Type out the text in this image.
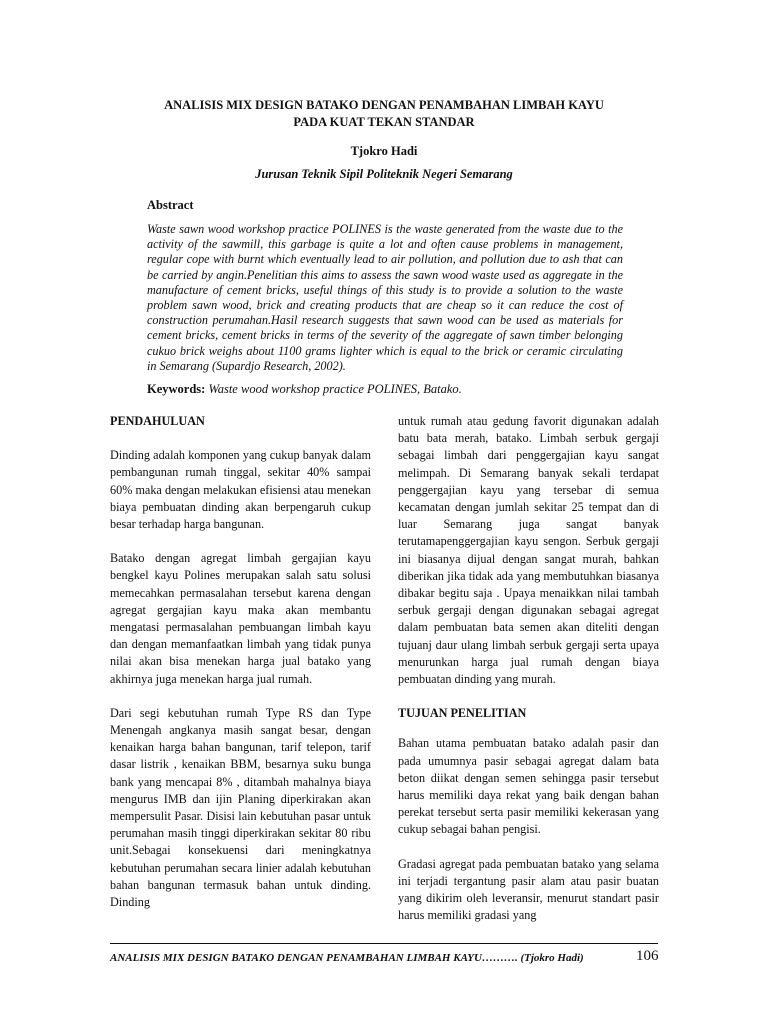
ANALISIS MIX DESIGN BATAKO DENGAN PENAMBAHAN LIMBAH KAYU
PADA KUAT TEKAN STANDAR
Tjokro Hadi
Jurusan Teknik Sipil Politeknik Negeri Semarang
Abstract

Waste sawn wood workshop practice POLINES is the waste generated from the waste due to the activity of the sawmill, this garbage is quite a lot and often cause problems in management, regular cope with burnt which eventually lead to air pollution, and pollution due to ash that can be carried by angin.Penelitian this aims to assess the sawn wood waste used as aggregate in the manufacture of cement bricks, useful things of this study is to provide a solution to the waste problem sawn wood, brick and creating products that are cheap so it can reduce the cost of construction perumahan.Hasil research suggests that sawn wood can be used as materials for cement bricks, cement bricks in terms of the severity of the aggregate of sawn timber belonging cukuo brick weighs about 1100 grams lighter which is equal to the brick or ceramic circulating in Semarang (Supardjo Research, 2002).

Keywords: Waste wood workshop practice POLINES, Batako.
PENDAHULUAN

Dinding adalah komponen yang cukup banyak dalam pembangunan rumah tinggal, sekitar 40% sampai 60% maka dengan melakukan efisiensi atau menekan biaya pembuatan dinding akan berpengaruh cukup besar terhadap harga bangunan.

Batako dengan agregat limbah gergajian kayu bengkel kayu Polines merupakan salah satu solusi memecahkan permasalahan tersebut karena dengan agregat gergajian kayu maka akan membantu mengatasi permasalahan pembuangan limbah kayu dan dengan memanfaatkan limbah yang tidak punya nilai akan bisa menekan harga jual batako yang akhirnya juga menekan harga jual rumah.

Dari segi kebutuhan rumah Type RS dan Type Menengah angkanya masih sangat besar, dengan kenaikan harga bahan bangunan, tarif telepon, tarif dasar listrik , kenaikan BBM, besarnya suku bunga bank yang mencapai 8% , ditambah mahalnya biaya mengurus IMB dan ijin Planing diperkirakan akan mempersulit Pasar. Disisi lain kebutuhan pasar untuk perumahan masih tinggi diperkirakan sekitar 80 ribu unit.Sebagai konsekuensi dari meningkatnya kebutuhan perumahan secara linier adalah kebutuhan bahan bangunan termasuk bahan untuk dinding. Dinding

untuk rumah atau gedung favorit digunakan adalah batu bata merah, batako. Limbah serbuk gergaji sebagai limbah dari penggergajian kayu sangat melimpah. Di Semarang banyak sekali terdapat penggergajian kayu yang tersebar di semua kecamatan dengan jumlah sekitar 25 tempat dan di luar Semarang juga sangat banyak terutamapenggergajian kayu sengon. Serbuk gergaji ini biasanya dijual dengan sangat murah, bahkan diberikan jika tidak ada yang membutuhkan biasanya dibakar begitu saja . Upaya menaikkan nilai tambah serbuk gergaji dengan digunakan sebagai agregat dalam pembuatan bata semen akan diteliti dengan tujuanj daur ulang limbah serbuk gergaji serta upaya menurunkan harga jual rumah dengan biaya pembuatan dinding yang murah.

TUJUAN PENELITIAN

Bahan utama pembuatan batako adalah pasir dan pada umumnya pasir sebagai agregat dalam bata beton diikat dengan semen sehingga pasir tersebut harus memiliki daya rekat yang baik dengan bahan perekat tersebut serta pasir memiliki kekerasan yang cukup sebagai bahan pengisi.

Gradasi agregat pada pembuatan batako yang selama ini terjadi tergantung pasir alam atau pasir buatan yang dikirim oleh leveransir, menurut standart pasir harus memiliki gradasi yang

ANALISIS MIX DESIGN BATAKO DENGAN PENAMBAHAN LIMBAH KAYU………. (Tjokro Hadi)	106
